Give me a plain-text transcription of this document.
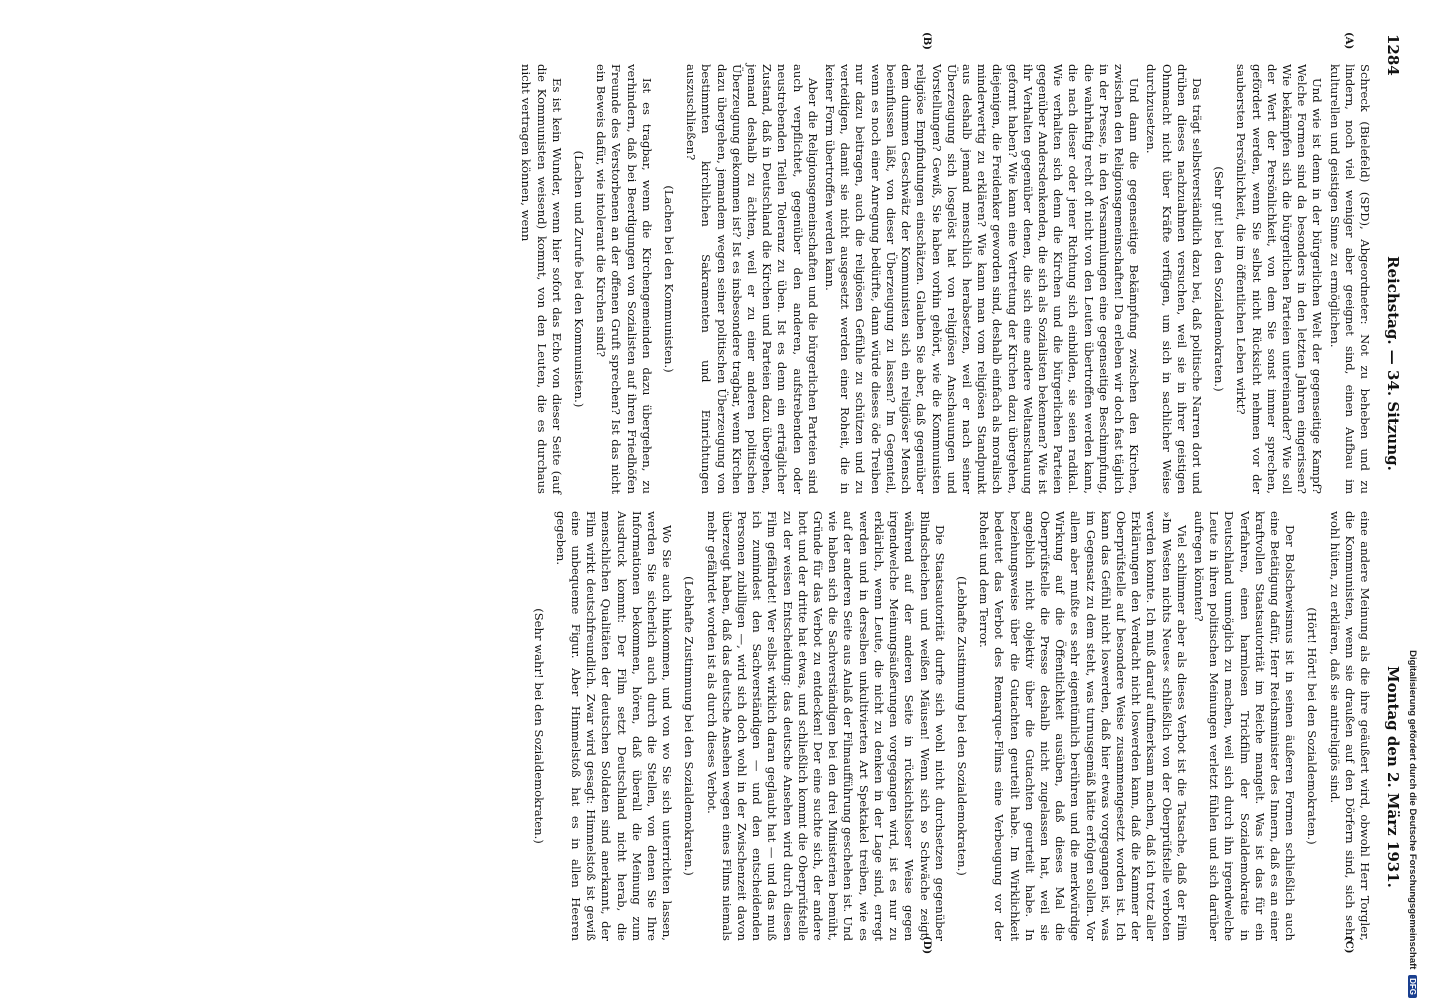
1284
Reichstag. — 34. Sitzung.
Montag den 2. März 1931.
(A)
(B)
(C)
(D)

Schreck (Bielefeld) (SPD), Abgeordneter: Not zu beheben und zu lindern, noch viel weniger aber geeignet sind, einen Aufbau im kulturellen und geistigen Sinne zu ermöglichen.

Und wie ist denn in der bürgerlichen Welt der gegenseitige Kampf? Welche Formen sind da besonders in den letzten Jahren eingerissen? Wie bekämpfen sich die bürgerlichen Parteien untereinander? Wie soll der Wert der Persönlichkeit, von dem Sie sonst immer sprechen, gefördert werden, wenn Sie selbst nicht Rücksicht nehmen vor der saubersten Persönlichkeit, die im öffentlichen Leben wirkt?

(Sehr gut! bei den Sozialdemokraten.)

Das trägt selbstverständlich dazu bei, daß politische Narren dort und drüben dieses nachzuahmen versuchen, weil sie in ihrer geistigen Ohnmacht nicht über Kräfte verfügen, um sich in sachlicher Weise durchzusetzen.

Und dann die gegenseitige Bekämpfung zwischen den Kirchen, zwischen den Religionsgemeinschaften! Da erleben wir doch fast täglich in der Presse, in den Versammlungen eine gegenseitige Beschimpfung, die wahrhaftig recht oft nicht von den Leuten übertroffen werden kann, die nach dieser oder jener Richtung sich einbilden, sie seien radikal. Wie verhalten sich denn die Kirchen und die bürgerlichen Parteien gegenüber Andersdenkenden, die sich als Sozialisten bekennen? Wie ist ihr Verhalten gegenüber denen, die sich eine andere Weltanschauung geformt haben? Wie kann eine Vertretung der Kirchen dazu übergehen, diejenigen, die Freidenker geworden sind, deshalb einfach als moralisch minderwertig zu erklären? Wie kann man vom religiösen Standpunkt aus deshalb jemand menschlich herabsetzen, weil er nach seiner Überzeugung sich losgelöst hat von religiösen Anschauungen und Vorstellungen? Gewiß, Sie haben vorhin gehört, wie die Kommunisten religiöse Empfindungen einschätzen. Glauben Sie aber, daß gegenüber dem dummen Geschwätz der Kommunisten sich ein religiöser Mensch beeinflussen läßt, von dieser Überzeugung zu lassen? Im Gegenteil, wenn es noch einer Anregung bedürfte, dann würde dieses öde Treiben nur dazu beitragen, auch die religiösen Gefühle zu schützen und zu verteidigen, damit sie nicht ausgesetzt werden einer Roheit, die in keiner Form übertroffen werden kann.

Aber die Religionsgemeinschaften und die bürgerlichen Parteien sind auch verpflichtet, gegenüber den anderen, aufstrebenden oder neustrebenden Teilen Toleranz zu üben. Ist es denn ein erträglicher Zustand, daß in Deutschland die Kirchen und Parteien dazu übergehen, jemand deshalb zu ächten, weil er zu einer anderen politischen Überzeugung gekommen ist? Ist es insbesondere tragbar, wenn Kirchen dazu übergehen, jemandem wegen seiner politischen Überzeugung von bestimmten kirchlichen Sakramenten und Einrichtungen auszuschließen?

(Lachen bei den Kommunisten.)

Ist es tragbar, wenn die Kirchengemeinden dazu übergehen, zu verhindern, daß bei Beerdigungen von Sozialisten auf ihren Friedhöfen Freunde des Verstorbenen an der offenen Gruft sprechen? Ist das nicht ein Beweis dafür, wie intolerant die Kirchen sind?

(Lachen und Zurufe bei den Kommunisten.)

Es ist kein Wunder, wenn hier sofort das Echo von dieser Seite (auf die Kommunisten weisend) kommt, von den Leuten, die es durchaus nicht vertragen können, wenn

eine andere Meinung als die ihre geäußert wird, obwohl Herr Torgler, die Kommunisten, wenn sie draußen auf den Dörfern sind, sich sehr wohl hüten, zu erklären, daß sie antireligiös sind.

(Hört! Hört! bei den Sozialdemokraten.)

Der Bolschewismus ist in seinen äußeren Formen schließlich auch eine Betätigung dafür, Herr Reichsminister des Innern, daß es an einer kraftvollen Staatsautorität im Reiche mangelt. Was ist das für ein Verfahren, einen harmlosen Trickfilm der Sozialdemokratie in Deutschland unmöglich zu machen, weil sich durch ihn irgendwelche Leute in ihren politischen Meinungen verletzt fühlen und sich darüber aufregen könnten?

Viel schlimmer aber als dieses Verbot ist die Tatsache, daß der Film »Im Westen nichts Neues« schließlich von der Oberprüfstelle verboten werden konnte. Ich muß darauf aufmerksam machen, daß ich trotz aller Erklärungen den Verdacht nicht loswerden kann, daß die Kammer der Oberprüfstelle auf besondere Weise zusammengesetzt worden ist. Ich kann das Gefühl nicht loswerden, daß hier etwas vorgegangen ist, was im Gegensatz zu dem steht, was turnusgemäß hätte erfolgen sollen. Vor allem aber mußte es sehr eigentümlich berühren und die merkwürdige Wirkung auf die Öffentlichkeit ausüben, daß dieses Mal die Oberprüfstelle die Presse deshalb nicht zugelassen hat, weil sie angeblich nicht objektiv über die Gutachten geurteilt habe. In beziehungsweise über die Gutachten geurteilt habe. Im Wirklichkeit bedeutet das Verbot des Remarque-Films eine Verbeugung vor der Roheit und dem Terror.

(Lebhafte Zustimmung bei den Sozialdemokraten.)

Die Staatsautorität durfte sich wohl nicht durchsetzen gegenüber Blindscheichen und weißen Mäusen! Wenn sich so Schwäche zeigt, während auf der anderen Seite in rücksichtsloser Weise gegen irgendwelche Meinungsäußerungen vorgegangen wird, ist es nur zu erklärlich, wenn Leute, die nicht zu denken in der Lage sind, erregt werden und in derselben unkultivierten Art Spektakel treiben, wie es auf der anderen Seite aus Anlaß der Filmaufführung geschehen ist. Und wie haben sich die Sachverständigen bei den drei Ministerien bemüht, Gründe für das Verbot zu entdecken! Der eine suchte sich, der andere hott und der dritte hat etwas, und schließlich kommt die Oberprüfstelle zu der weisen Entscheidung: das deutsche Ansehen wird durch diesen Film gefährdet! Wer selbst wirklich daran geglaubt hat — und das muß ich zumindest den Sachverständigen — und den entscheidenden Personen zubilligen —, wird sich doch wohl in der Zwischenzeit davon überzeugt haben, daß das deutsche Ansehen wegen eines Films niemals mehr gefährdet worden ist als durch dieses Verbot.

(Lebhafte Zustimmung bei den Sozialdemokraten.)

Wo Sie auch hinkommen, und von wo Sie sich unterrichten lassen, werden Sie sicherlich auch durch die Stellen, von denen Sie Ihre Informationen bekommen, hören, daß überall die Meinung zum Ausdruck kommt: Der Film setzt Deutschland nicht herab, die menschlichen Qualitäten der deutschen Soldaten sind anerkannt, der Film wirkt deutschfreundlich. Zwar wird gesagt: Himmelstoß ist gewiß eine unbequeme Figur. Aber Himmelstoß hat es in allen Heeren gegeben.

(Sehr wahr! bei den Sozialdemokraten.)	Digitalisierung gefördert durch die Deutsche Forschungsgemeinschaft DFG
